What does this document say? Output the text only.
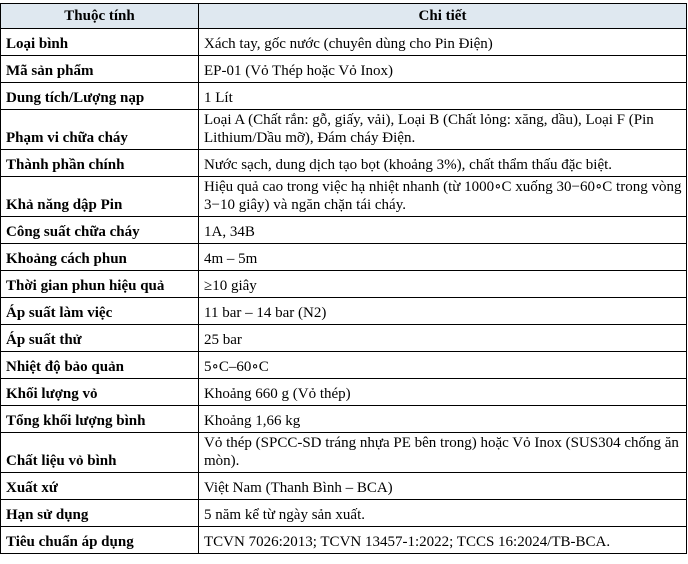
Thuộc tính	Chi tiết
Loại bình	Xách tay, gốc nước (chuyên dùng cho Pin Điện)
Mã sản phẩm	EP-01 (Vỏ Thép hoặc Vỏ Inox)
Dung tích/Lượng nạp	1 Lít
Phạm vi chữa cháy	Loại A (Chất rắn: gỗ, giấy, vải), Loại B (Chất lỏng: xăng, dầu), Loại F (Pin Lithium/Dầu mỡ), Đám cháy Điện.
Thành phần chính	Nước sạch, dung dịch tạo bọt (khoảng 3%), chất thẩm thấu đặc biệt.
Khả năng dập Pin	Hiệu quả cao trong việc hạ nhiệt nhanh (từ 1000∘C xuống 30−60∘C trong vòng 3−10 giây) và ngăn chặn tái cháy.
Công suất chữa cháy	1A, 34B
Khoảng cách phun	4m – 5m
Thời gian phun hiệu quả	≥10 giây
Áp suất làm việc	11 bar – 14 bar (N2)
Áp suất thử	25 bar
Nhiệt độ bảo quản	5∘C–60∘C
Khối lượng vỏ	Khoảng 660 g (Vỏ thép)
Tổng khối lượng bình	Khoảng 1,66 kg
Chất liệu vỏ bình	Vỏ thép (SPCC-SD tráng nhựa PE bên trong) hoặc Vỏ Inox (SUS304 chống ăn mòn).
Xuất xứ	Việt Nam (Thanh Bình – BCA)
Hạn sử dụng	5 năm kể từ ngày sản xuất.
Tiêu chuẩn áp dụng	TCVN 7026:2013; TCVN 13457-1:2022; TCCS 16:2024/TB-BCA.
